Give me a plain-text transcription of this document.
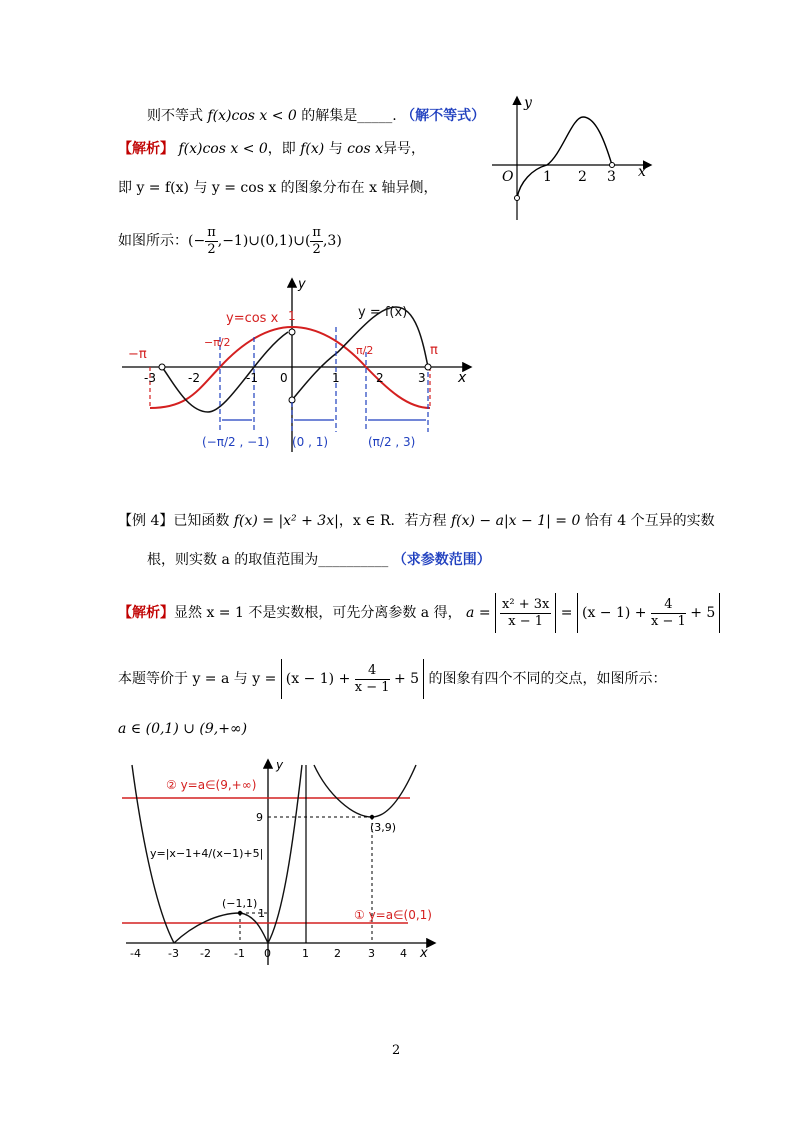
则不等式 f(x)cos x < 0 的解集是_____. （解不等式）
【解析】 f(x)cos x < 0，即 f(x) 与 cos x异号，
即 y = f(x) 与 y = cos x 的图象分布在 x 轴异侧，
如图所示：(− $\frac{\pi}{2}$ ,−1)∪(0,1)∪( $\frac{\pi}{2} ,3$)
y
x
O 1 2 3
y
x
y=cos x	y = f(x)
−π	π
−π/2
π/2
1
-3	-2	-1 0	1	2	3
(−π/2 , −1) (0 , 1)	(π/2 , 3)
【例 4】已知函数 f(x) = |x² + 3x|，x ∈ R．若方程 f(x) − a|x − 1| = 0 恰有 4 个互异的实数
根，则实数 a 的取值范围为__________ （求参数范围）
【解析】显然 x = 1 不是实数根，可先分离参数 a 得， $a = \frac{\text{x² + 3x}}{x - 1} = (x - 1) + \frac{4}{x - 1} + 5$
本题等价于 y = a 与 $y = (x - 1) + \frac{4}{x - 1} + 5$ 的图象有四个不同的交点，如图所示：
a ∈ (0,1) ∪ (9,+∞)
y
x
② y=a∈(9,+∞)
① y=a∈(0,1)
y=|x−1+4/(x−1)+5|
(−1,1)
(3,9)
9
1
-4 -3 -2 -1 0	1 2 3 4
2
